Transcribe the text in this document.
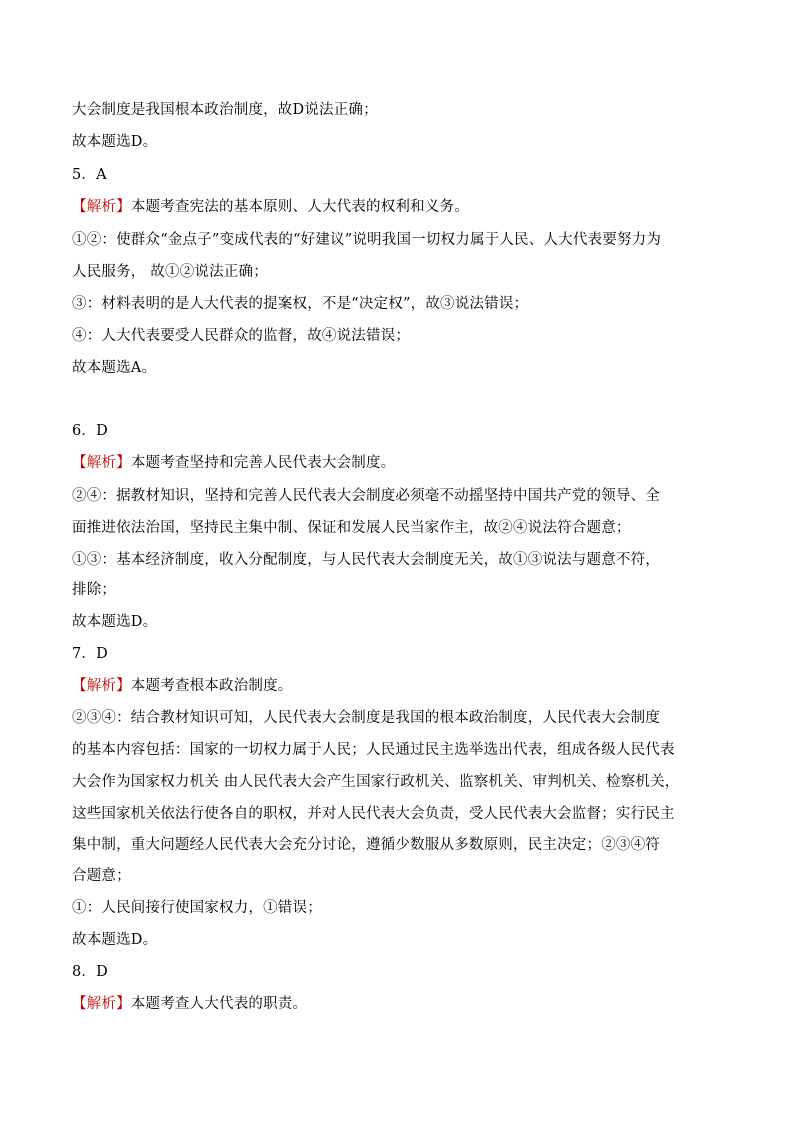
大会制度是我国根本政治制度，故D说法正确；
故本题选D。
5．A
【解析】本题考查宪法的基本原则、人大代表的权利和义务。
①②：使群众“金点子”变成代表的“好建议”说明我国一切权力属于人民、人大代表要努力为
人民服务， 故①②说法正确；
③：材料表明的是人大代表的提案权，不是“决定权”，故③说法错误；
④：人大代表要受人民群众的监督，故④说法错误；
故本题选A。
6．D
【解析】本题考查坚持和完善人民代表大会制度。
②④：据教材知识，坚持和完善人民代表大会制度必须毫不动摇坚持中国共产党的领导、全
面推进依法治国，坚持民主集中制、保证和发展人民当家作主，故②④说法符合题意；
①③：基本经济制度，收入分配制度，与人民代表大会制度无关，故①③说法与题意不符，
排除；
故本题选D。
7．D
【解析】本题考查根本政治制度。
②③④：结合教材知识可知，人民代表大会制度是我国的根本政治制度，人民代表大会制度
的基本内容包括：国家的一切权力属于人民；人民通过民主选举选出代表，组成各级人民代表
大会作为国家权力机关 由人民代表大会产生国家行政机关、监察机关、审判机关、检察机关，
这些国家机关依法行使各自的职权，并对人民代表大会负责，受人民代表大会监督；实行民主
集中制，重大问题经人民代表大会充分讨论，遵循少数服从多数原则，民主决定；②③④符
合题意；
①：人民间接行使国家权力，①错误；
故本题选D。
8．D
【解析】本题考查人大代表的职责。
